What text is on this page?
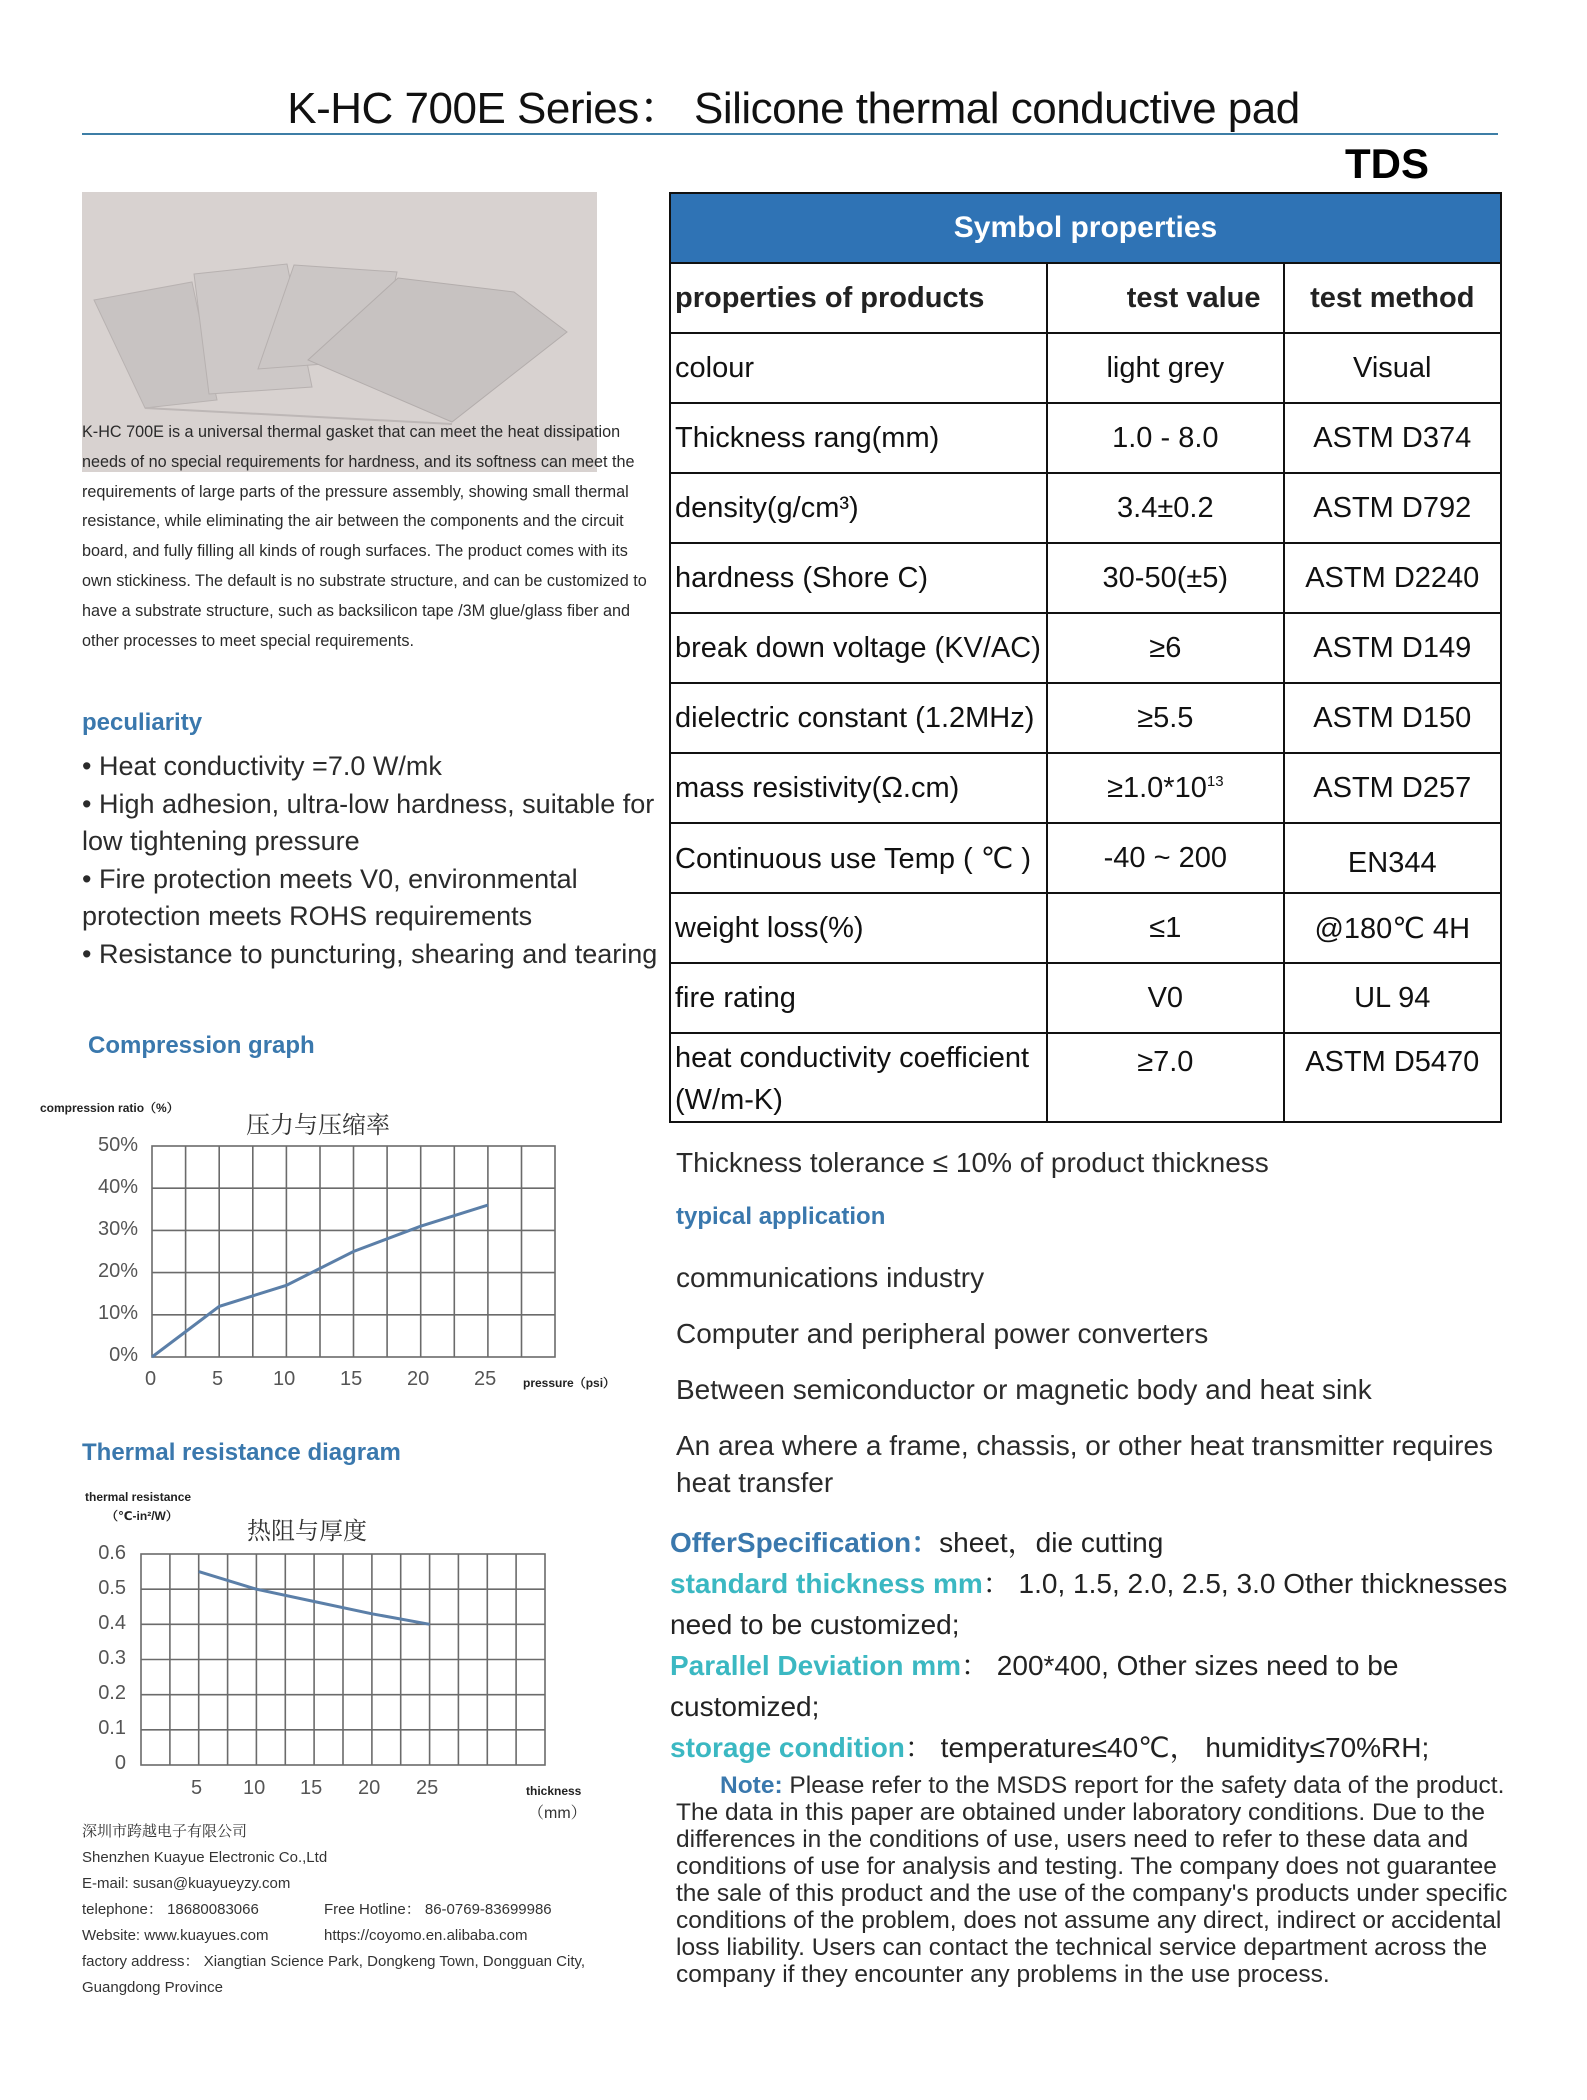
K-HC 700E Series： Silicone thermal conductive pad
TDS
K-HC 700E is a universal thermal gasket that can meet the heat dissipation needs of no special requirements for hardness, and its softness can meet the requirements of large parts of the pressure assembly, showing small thermal resistance, while eliminating the air between the components and the circuit board, and fully filling all kinds of rough surfaces. The product comes with its own stickiness. The default is no substrate structure, and can be customized to have a substrate structure, such as backsilicon tape /3M glue/glass fiber and other processes to meet special requirements.
peculiarity
• Heat conductivity =7.0 W/mk
• High adhesion, ultra-low hardness, suitable for low tightening pressure
• Fire protection meets V0, environmental protection meets ROHS requirements
• Resistance to puncturing, shearing and tearing
Compression graph
compression ratio（%）
压力与压缩率
50%
40%
30%
20%
10%
0%
0	5 10 15 20 25 pressure（psi）
Thermal resistance diagram
thermal resistance
（℃-in²/W）
热阻与厚度
0.6
0.5
0.4
0.3
0.2
0.1
0
5 10 15 20 25	thickness
（mm）
深圳市跨越电子有限公司
Shenzhen Kuayue Electronic Co.,Ltd
E-mail: susan@kuayueyzy.com
telephone： 18680083066	Free Hotline： 86-0769-83699986
Website: www.kuayues.com	https://coyomo.en.alibaba.com
factory address： Xiangtian Science Park, Dongkeng Town, Dongguan City, Guangdong Province
Symbol properties		
properties of products	test value	test method
colour	light grey	Visual
Thickness rang(mm)	1.0 - 8.0	ASTM D374
density(g/cm³)	3.4±0.2	ASTM D792
hardness (Shore C)	30-50(±5)	ASTM D2240
break down voltage (KV/AC)	≥6	ASTM D149
dielectric constant (1.2MHz)	≥5.5	ASTM D150
mass resistivity(Ω.cm)	$\ge 1.0*10^{13}$	ASTM D257
Continuous use Temp ( ℃ )	-40 ~ 200	EN344
weight loss(%)	≤1	@180℃ 4H
fire rating	V0	UL 94
heat conductivity coefficient (W/m-K)	≥7.0	ASTM D5470
Thickness tolerance ≤ 10% of product thickness
typical application
communications industry
Computer and peripheral power converters
Between semiconductor or magnetic body and heat sink
An area where a frame, chassis, or other heat transmitter requires heat transfer
OfferSpecification：sheet，die cutting
standard thickness mm： 1.0, 1.5, 2.0, 2.5, 3.0 Other thicknesses need to be customized;
Parallel Deviation mm： 200*400, Other sizes need to be customized;
storage condition： temperature≤40℃， humidity≤70%RH;
Note: Please refer to the MSDS report for the safety data of the product. The data in this paper are obtained under laboratory conditions. Due to the differences in the conditions of use, users need to refer to these data and conditions of use for analysis and testing. The company does not guarantee the sale of this product and the use of the company's products under specific conditions of the problem, does not assume any direct, indirect or accidental loss liability. Users can contact the technical service department across the company if they encounter any problems in the use process.
